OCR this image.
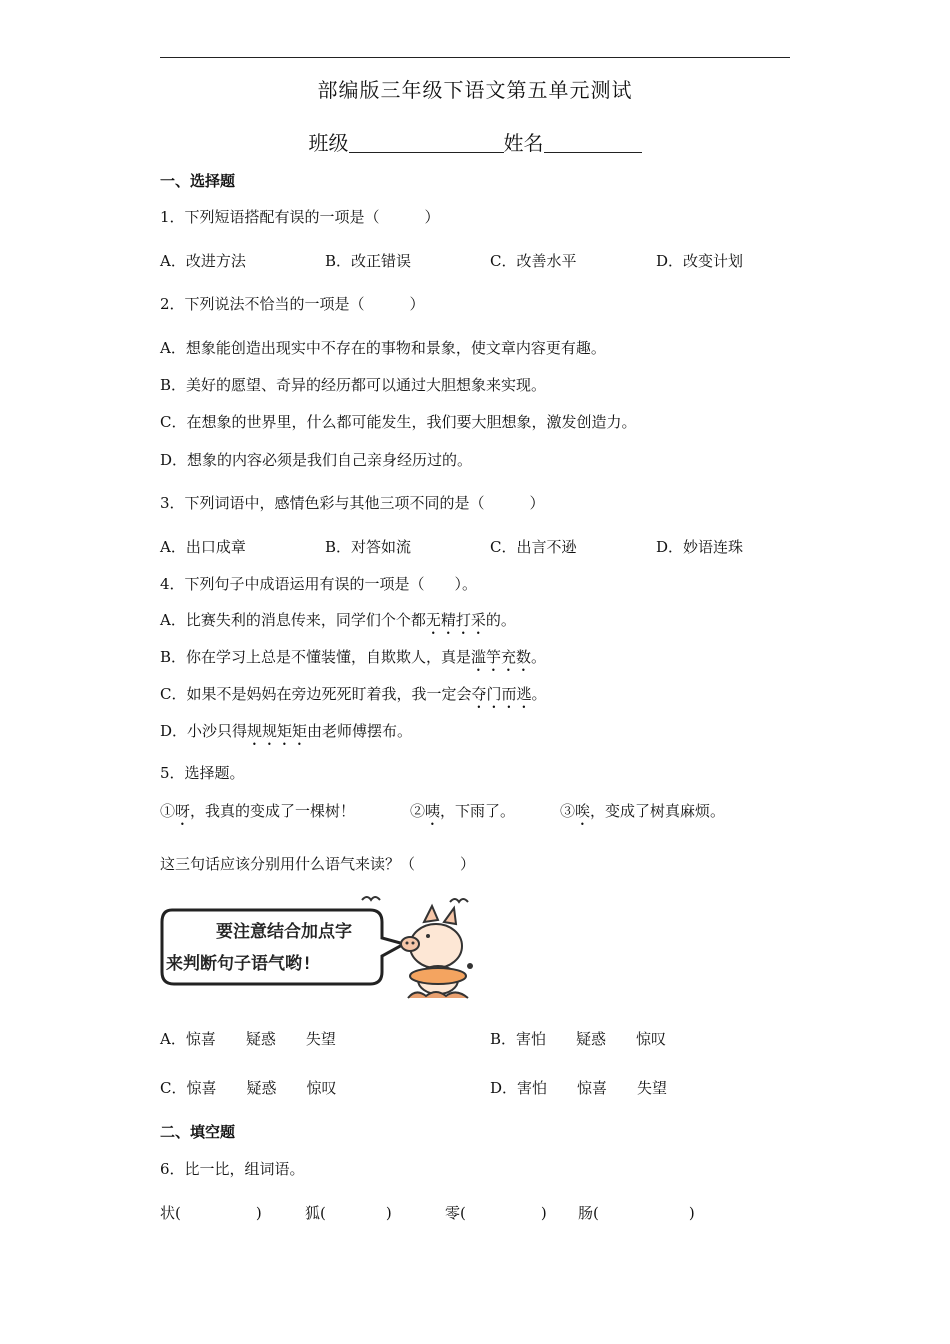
部编版三年级下语文第五单元测试
班级	姓名
一、选择题
1．下列短语搭配有误的一项是（　　　）
A．改进方法	B．改正错误	C．改善水平	D．改变计划
2．下列说法不恰当的一项是（　　　）
A．想象能创造出现实中不存在的事物和景象，使文章内容更有趣。
B．美好的愿望、奇异的经历都可以通过大胆想象来实现。
C．在想象的世界里，什么都可能发生，我们要大胆想象，激发创造力。
D．想象的内容必须是我们自己亲身经历过的。
3．下列词语中，感情色彩与其他三项不同的是（　　　）
A．出口成章	B．对答如流	C．出言不逊	D．妙语连珠
4．下列句子中成语运用有误的一项是（　　）。
A．比赛失利的消息传来，同学们个个都无精打采的。
B．你在学习上总是不懂装懂，自欺欺人，真是滥竽充数。
C．如果不是妈妈在旁边死死盯着我，我一定会夺门而逃。
D．小沙只得规规矩矩由老师傅摆布。
5．选择题。
①呀，我真的变成了一棵树！	②咦，下雨了。	③唉，变成了树真麻烦。
这三句话应该分别用什么语气来读？（　　　）
要注意结合加点字
来判断句子语气哟!
A．惊喜　　疑惑　　失望	B．害怕　　疑惑　　惊叹
C．惊喜　　疑惑　　惊叹	D．害怕　　惊喜　　失望
二、填空题
6．比一比，组词语。
状(　　　　　)	狐(　　　　)	零(　　　　　) 肠(　　　　　　)
